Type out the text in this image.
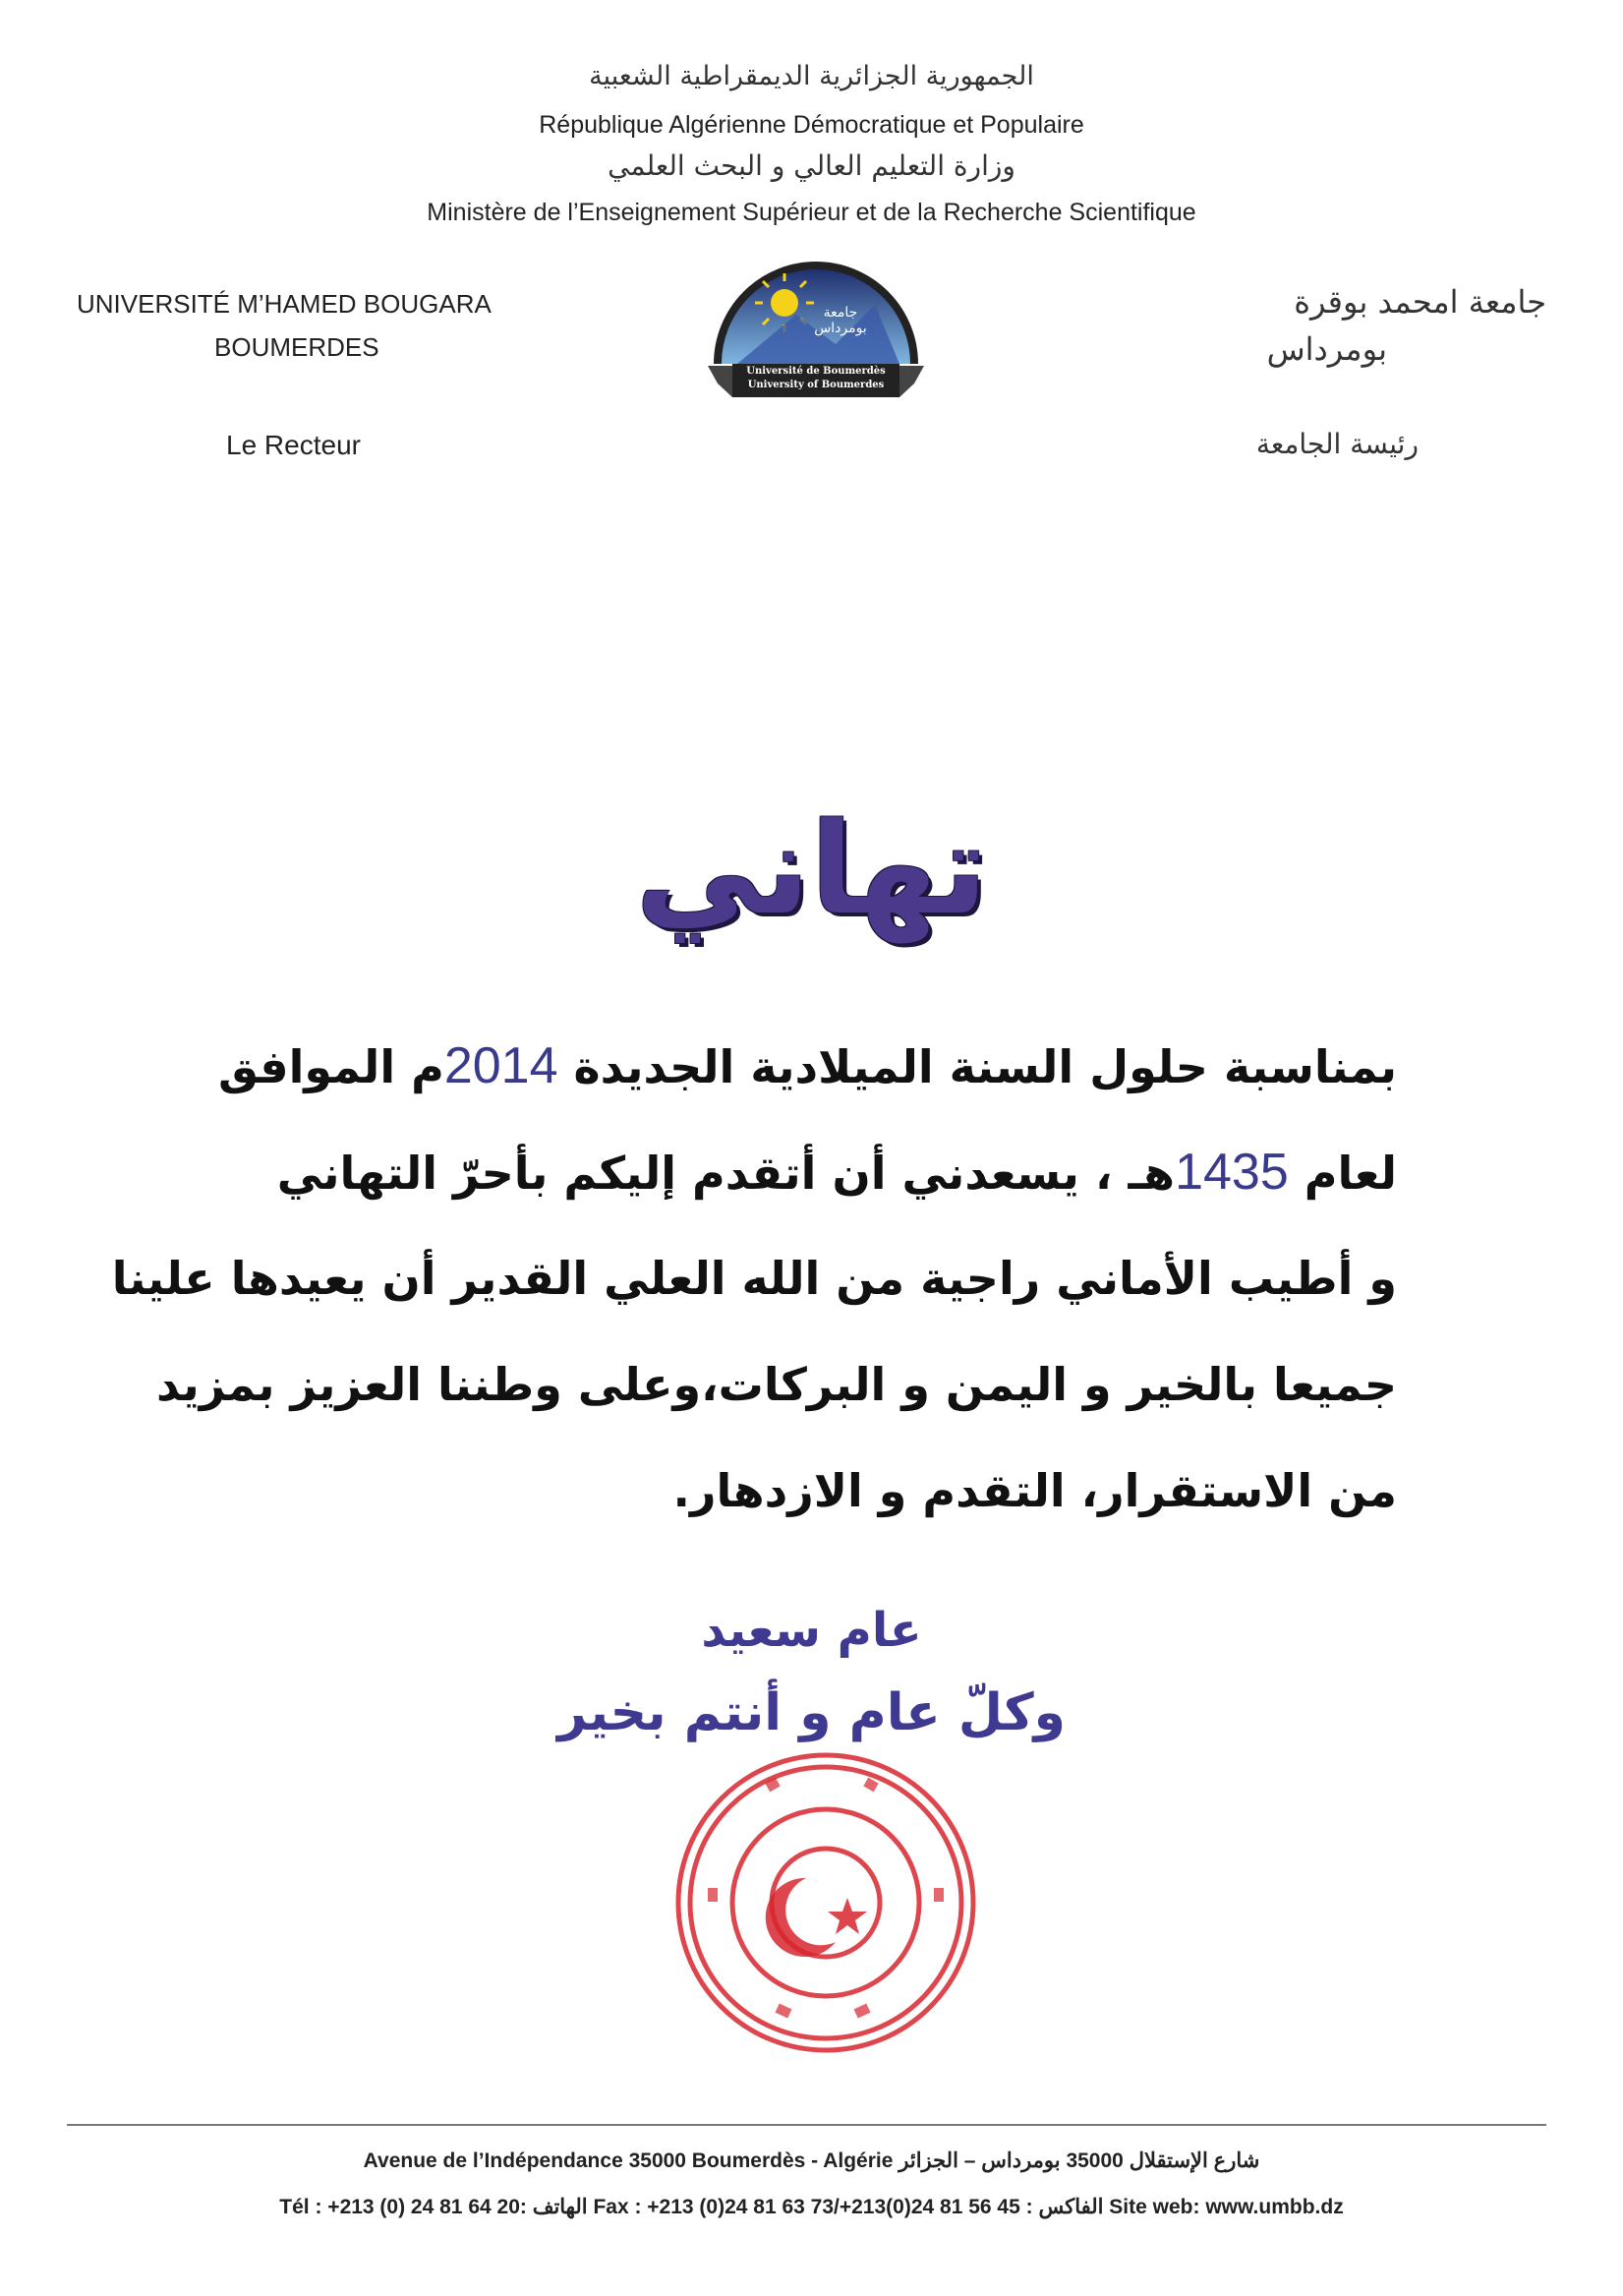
الجمهورية الجزائرية الديمقراطية الشعبية
République Algérienne Démocratique et Populaire
وزارة التعليم العالي و البحث العلمي
Ministère de l’Enseignement Supérieur et de la Recherche Scientifique
UNIVERSITÉ M’HAMED BOUGARA
BOUMERDES
Le Recteur
جامعة امحمد بوقرة
بومرداس
رئيسة الجامعة
Université de Boumerdès
University of Boumerdes
جامعة بومرداس
تهاني
بمناسبة حلول السنة الميلادية الجديدة 2014م الموافق
لعام 1435هـ ، يسعدني أن أتقدم إليكم بأحرّ التهاني
و أطيب الأماني راجية من الله العلي القدير أن يعيدها علينا
جميعا بالخير و اليمن و البركات،وعلى وطننا العزيز بمزيد
من الاستقرار، التقدم و الازدهار.
عام سعيد
وكلّ عام و أنتم بخير
Avenue de l’Indépendance 35000 Boumerdès - Algérie شارع الإستقلال 35000 بومرداس – الجزائر
Tél : +213 (0) 24 81 64 20: الهاتف Fax : +213 (0)24 81 63 73/+213(0)24 81 56 45 : الفاكس Site web: www.umbb.dz
